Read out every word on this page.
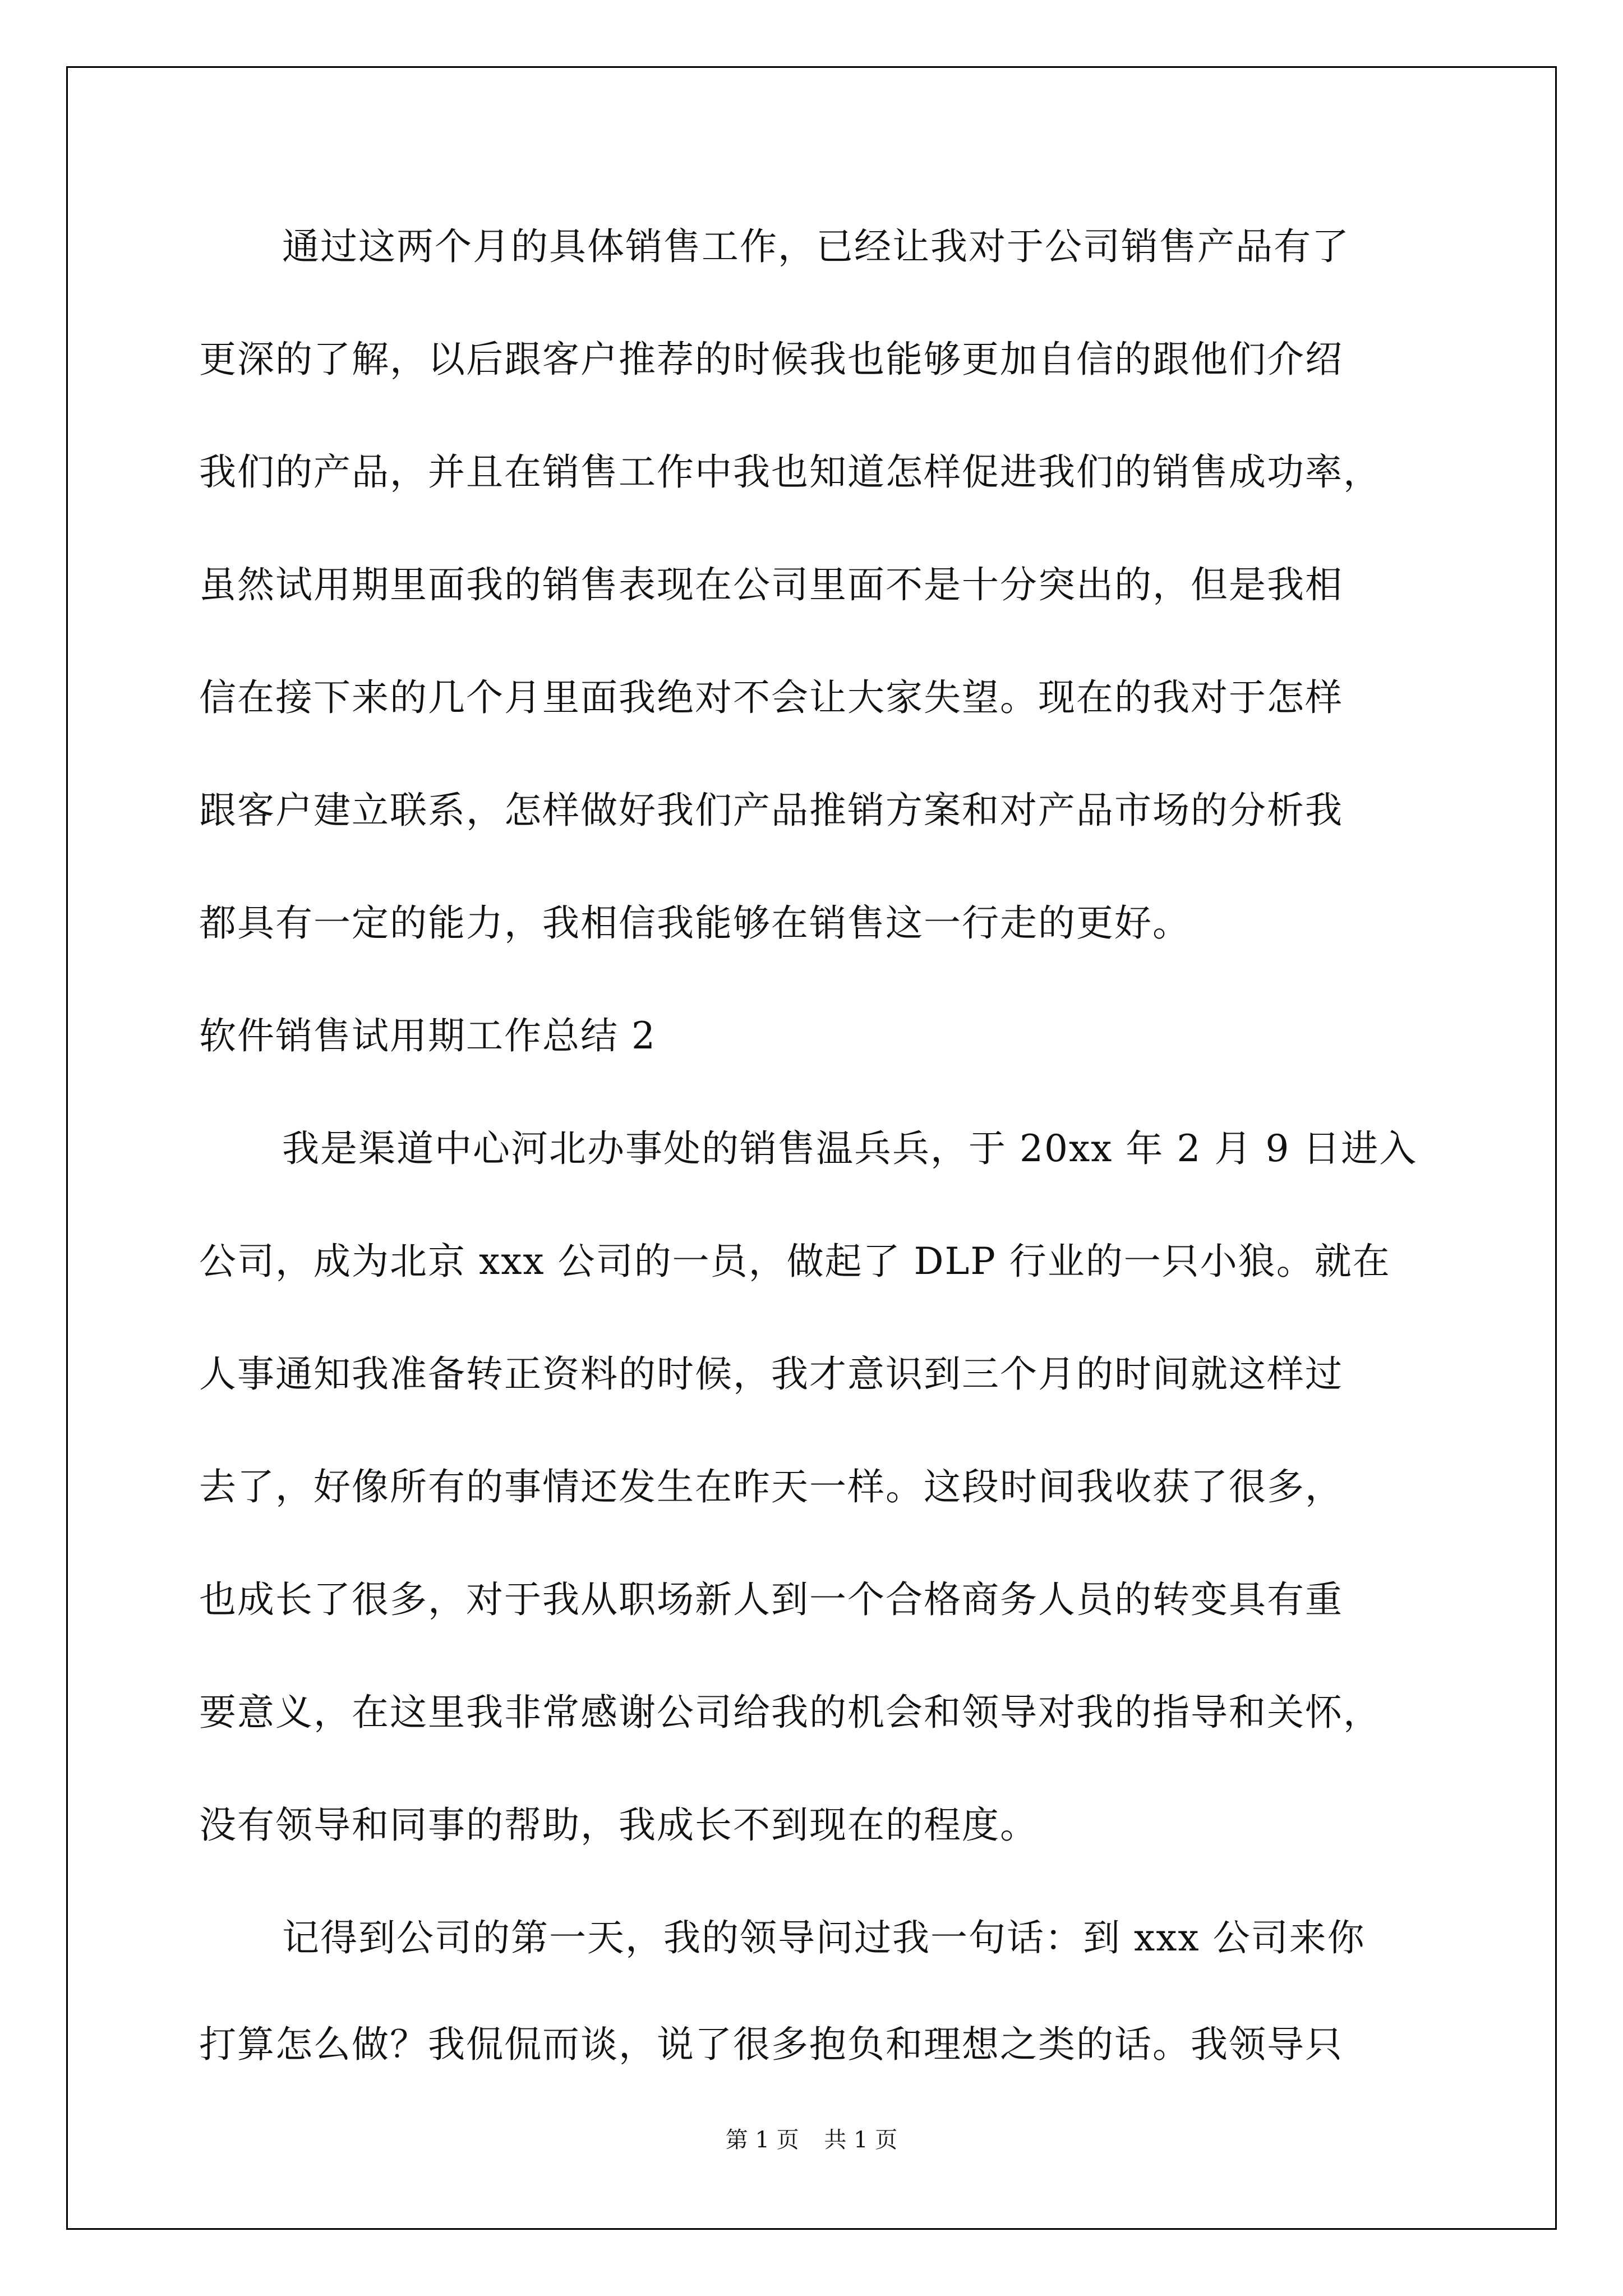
通过这两个月的具体销售工作，已经让我对于公司销售产品有了
更深的了解，以后跟客户推荐的时候我也能够更加自信的跟他们介绍
我们的产品，并且在销售工作中我也知道怎样促进我们的销售成功率，
虽然试用期里面我的销售表现在公司里面不是十分突出的，但是我相
信在接下来的几个月里面我绝对不会让大家失望。现在的我对于怎样
跟客户建立联系，怎样做好我们产品推销方案和对产品市场的分析我
都具有一定的能力，我相信我能够在销售这一行走的更好。
软件销售试用期工作总结 2
我是渠道中心河北办事处的销售温兵兵，于 20xx 年 2 月 9 日进入
公司，成为北京 xxx 公司的一员，做起了 DLP 行业的一只小狼。就在
人事通知我准备转正资料的时候，我才意识到三个月的时间就这样过
去了，好像所有的事情还发生在昨天一样。这段时间我收获了很多，
也成长了很多，对于我从职场新人到一个合格商务人员的转变具有重
要意义，在这里我非常感谢公司给我的机会和领导对我的指导和关怀，
没有领导和同事的帮助，我成长不到现在的程度。
记得到公司的第一天，我的领导问过我一句话：到 xxx 公司来你
打算怎么做？我侃侃而谈，说了很多抱负和理想之类的话。我领导只
第 1 页 共 1 页
